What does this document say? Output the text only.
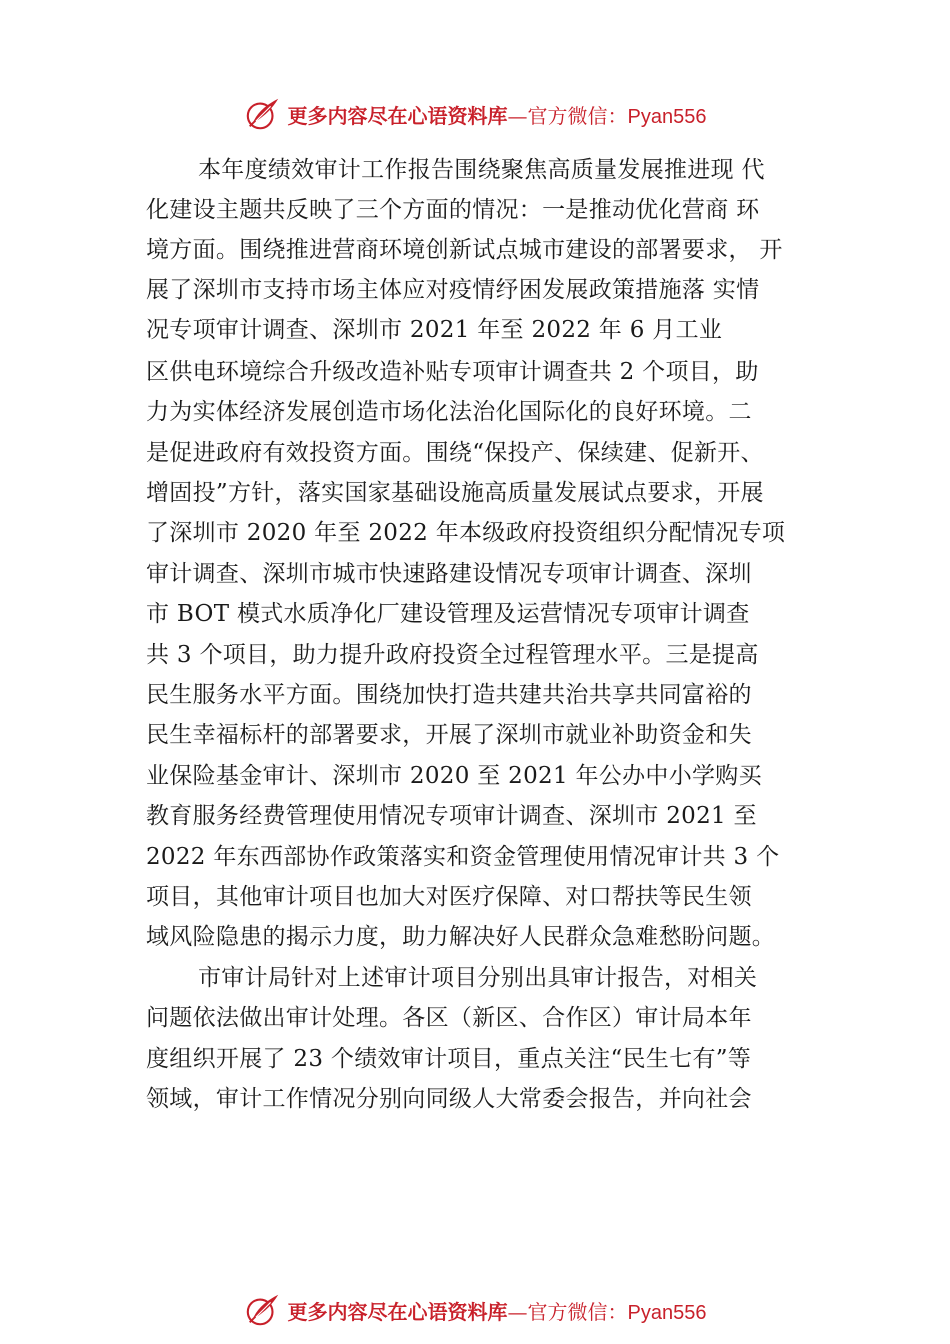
更多内容尽在心语资料库—官方微信：Pyan556
本年度绩效审计工作报告围绕聚焦高质量发展推进现 代
化建设主题共反映了三个方面的情况：一是推动优化营商 环
境方面。围绕推进营商环境创新试点城市建设的部署要求， 开
展了深圳市支持市场主体应对疫情纾困发展政策措施落 实情
况专项审计调查、深圳市 2021 年至 2022 年 6 月工业
区供电环境综合升级改造补贴专项审计调查共 2 个项目，助
力为实体经济发展创造市场化法治化国际化的良好环境。二
是促进政府有效投资方面。围绕“保投产、保续建、促新开、
增固投”方针，落实国家基础设施高质量发展试点要求，开展
了深圳市 2020 年至 2022 年本级政府投资组织分配情况专项
审计调查、深圳市城市快速路建设情况专项审计调查、深圳
市 BOT 模式水质净化厂建设管理及运营情况专项审计调查
共 3 个项目，助力提升政府投资全过程管理水平。三是提高
民生服务水平方面。围绕加快打造共建共治共享共同富裕的
民生幸福标杆的部署要求，开展了深圳市就业补助资金和失
业保险基金审计、深圳市 2020 至 2021 年公办中小学购买
教育服务经费管理使用情况专项审计调查、深圳市 2021 至
2022 年东西部协作政策落实和资金管理使用情况审计共 3 个
项目，其他审计项目也加大对医疗保障、对口帮扶等民生领
域风险隐患的揭示力度，助力解决好人民群众急难愁盼问题。
市审计局针对上述审计项目分别出具审计报告，对相关
问题依法做出审计处理。各区（新区、合作区）审计局本年
度组织开展了 23 个绩效审计项目，重点关注“民生七有”等
领域，审计工作情况分别向同级人大常委会报告，并向社会
更多内容尽在心语资料库—官方微信：Pyan556
